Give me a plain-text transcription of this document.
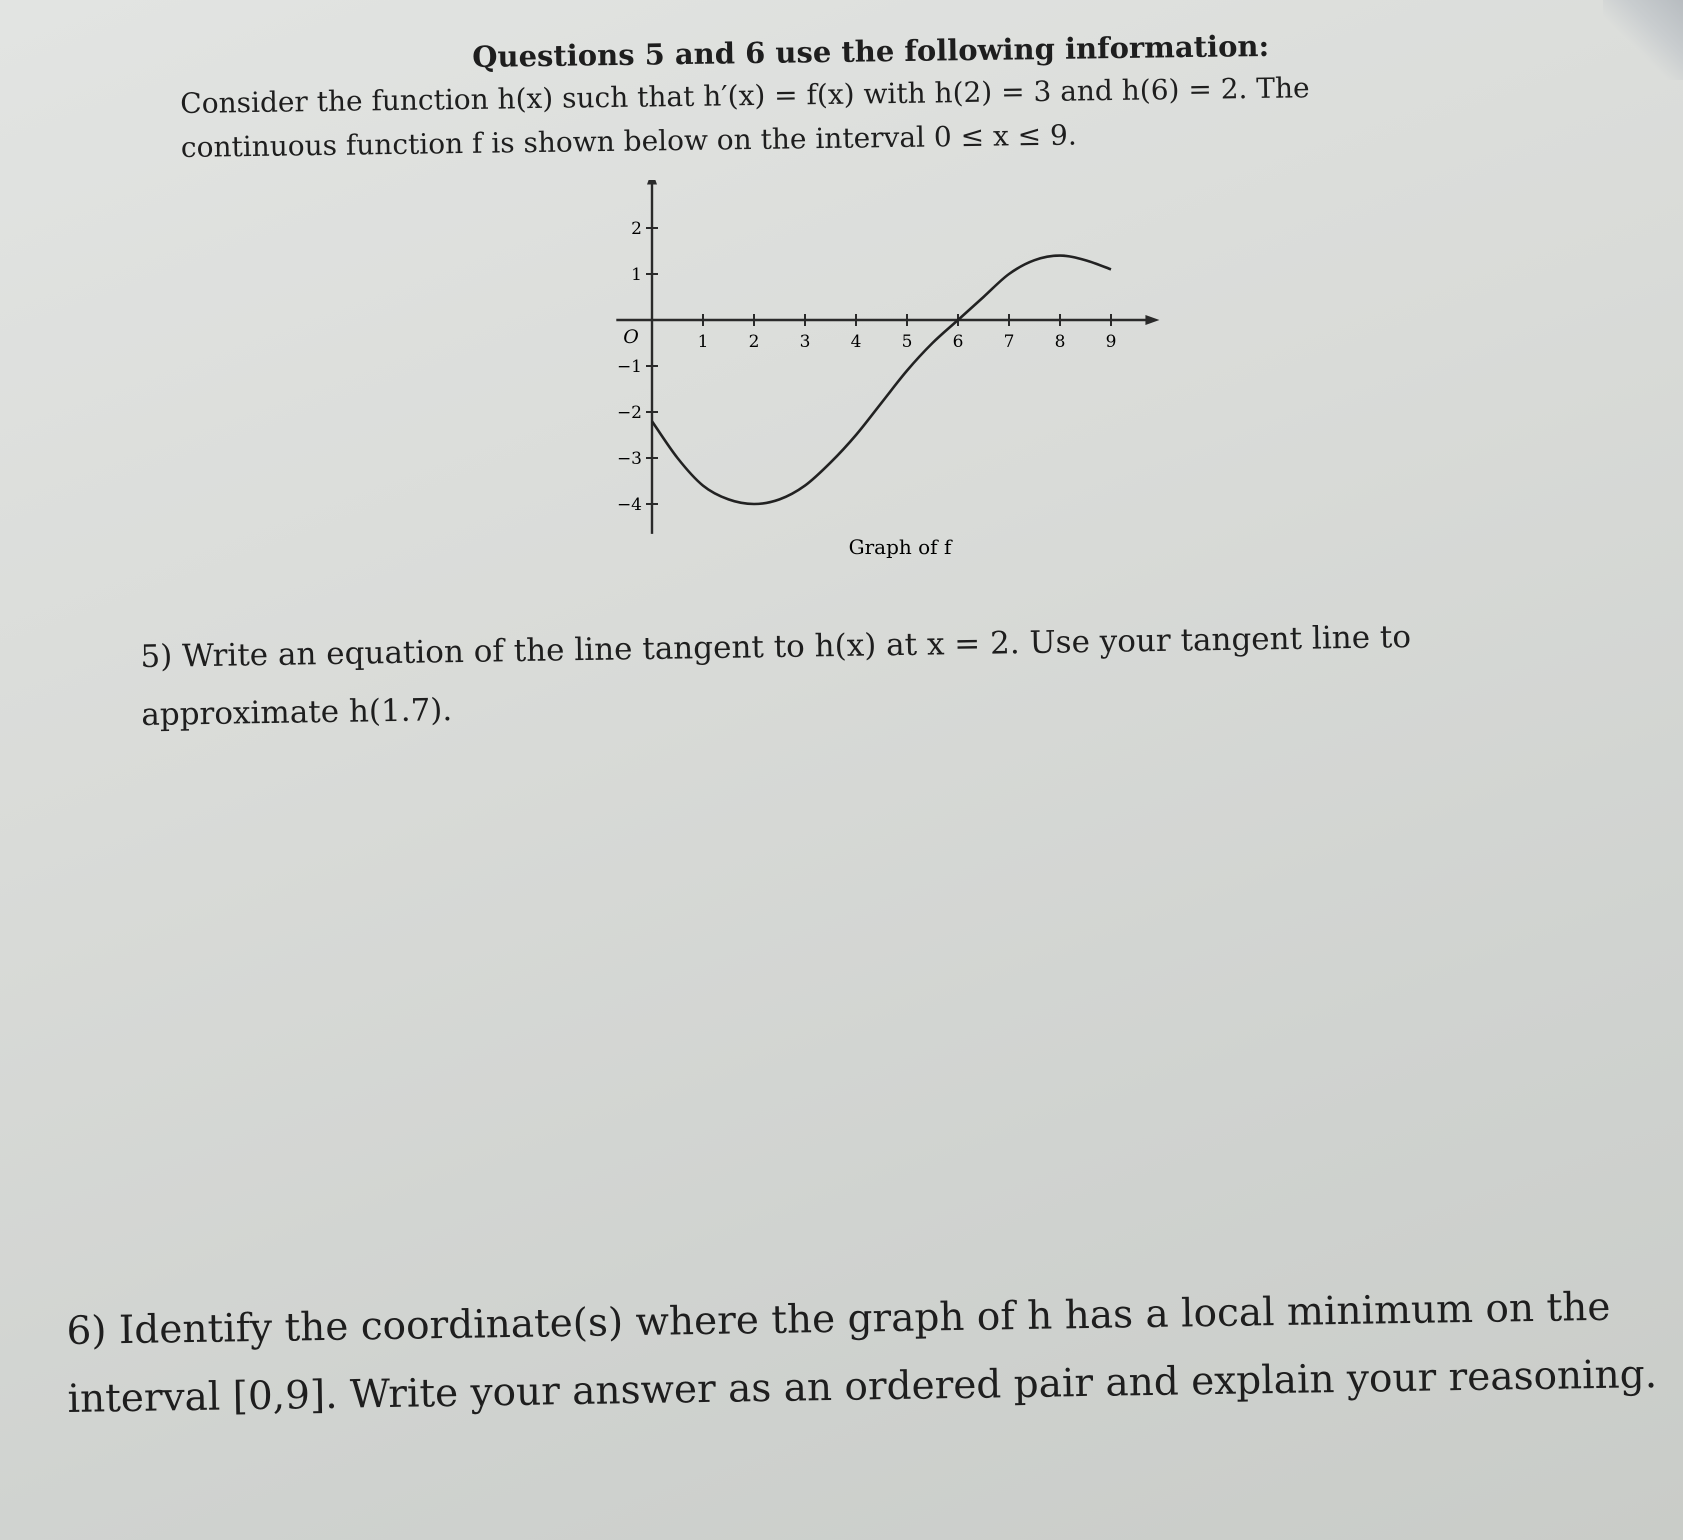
Questions 5 and 6 use the following information:
Consider the function h(x) such that h′(x) = f(x) with h(2) = 3 and h(6) = 2. The
continuous function f is shown below on the interval 0 ≤ x ≤ 9.
1 2 3 4 5 6 7 8 9
2
1
−1
−2
−3
−4
O
Graph of f
5) Write an equation of the line tangent to h(x) at x = 2. Use your tangent line to
approximate h(1.7).
6) Identify the coordinate(s) where the graph of h has a local minimum on the
interval [0,9]. Write your answer as an ordered pair and explain your reasoning.
